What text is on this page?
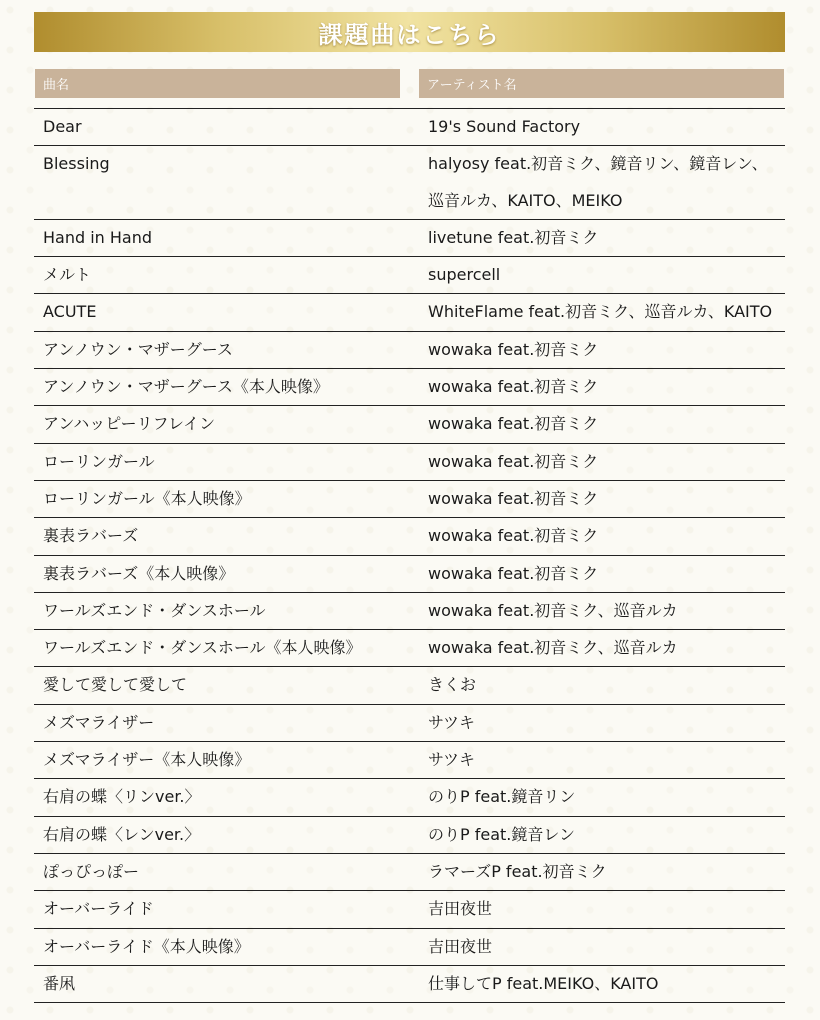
課題曲はこちら
曲名	アーティスト名
Dear	19's Sound Factory
Blessing	halyosy feat.初音ミク、鏡音リン、鏡音レン、
巡音ルカ、KAITO、MEIKO
Hand in Hand	livetune feat.初音ミク
メルト	supercell
ACUTE	WhiteFlame feat.初音ミク、巡音ルカ、KAITO
アンノウン・マザーグース	wowaka feat.初音ミク
アンノウン・マザーグース《本人映像》	wowaka feat.初音ミク
アンハッピーリフレイン	wowaka feat.初音ミク
ローリンガール	wowaka feat.初音ミク
ローリンガール《本人映像》	wowaka feat.初音ミク
裏表ラバーズ	wowaka feat.初音ミク
裏表ラバーズ《本人映像》	wowaka feat.初音ミク
ワールズエンド・ダンスホール	wowaka feat.初音ミク、巡音ルカ
ワールズエンド・ダンスホール《本人映像》	wowaka feat.初音ミク、巡音ルカ
愛して愛して愛して	きくお
メズマライザー	サツキ
メズマライザー《本人映像》	サツキ
右肩の蝶〈リンver.〉	のりP feat.鏡音リン
右肩の蝶〈レンver.〉	のりP feat.鏡音レン
ぽっぴっぽー	ラマーズP feat.初音ミク
オーバーライド	吉田夜世
オーバーライド《本人映像》	吉田夜世
番凩	仕事してP feat.MEIKO、KAITO
